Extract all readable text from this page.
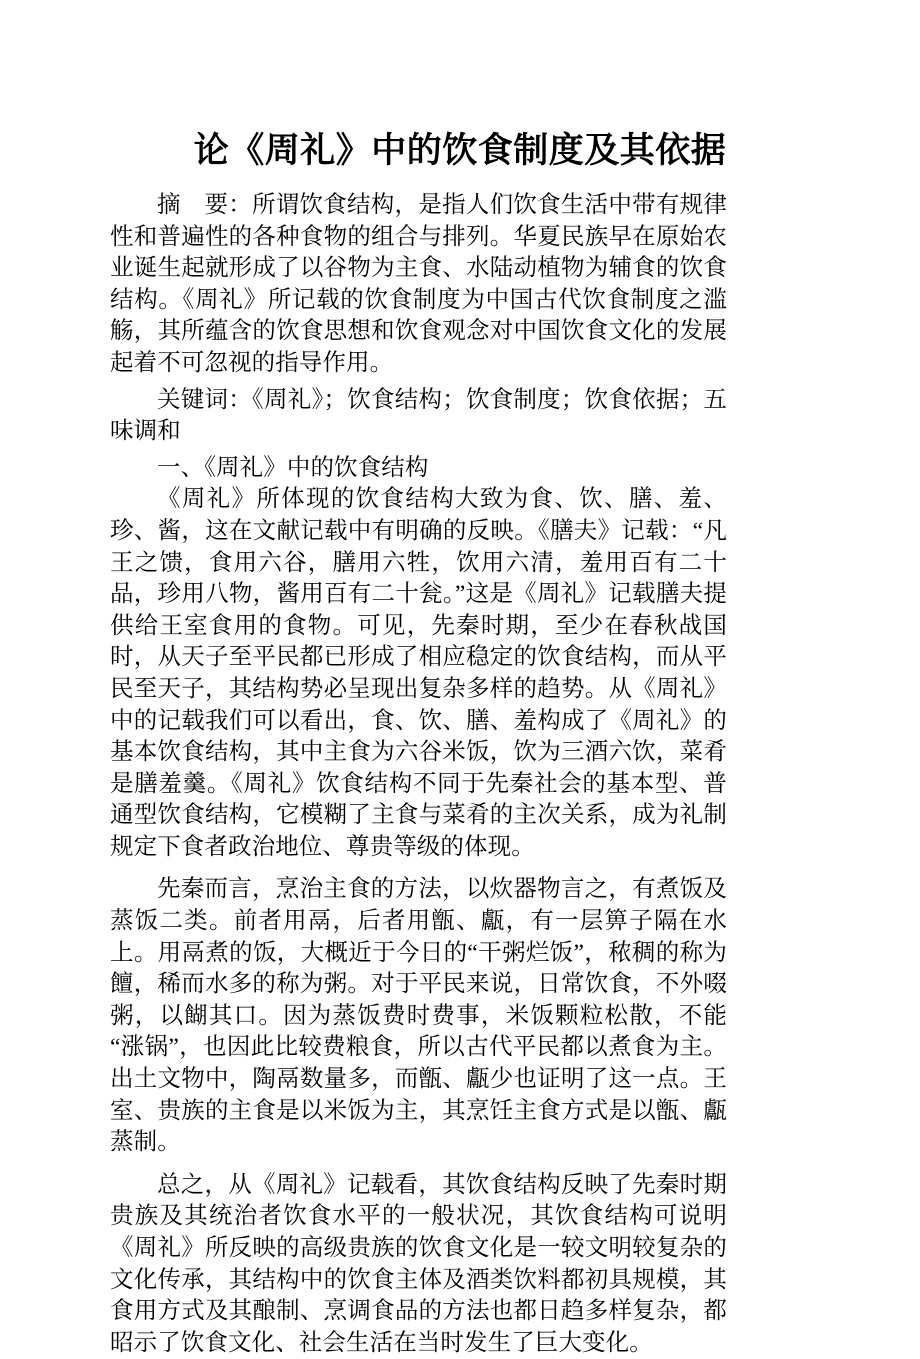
论《周礼》中的饮食制度及其依据

摘　要：所谓饮食结构，是指人们饮食生活中带有规律性和普遍性的各种食物的组合与排列。华夏民族早在原始农业诞生起就形成了以谷物为主食、水陆动植物为辅食的饮食结构。《周礼》所记载的饮食制度为中国古代饮食制度之滥觞，其所蕴含的饮食思想和饮食观念对中国饮食文化的发展起着不可忽视的指导作用。

关键词：《周礼》；饮食结构；饮食制度；饮食依据；五味调和

一、《周礼》中的饮食结构

《周礼》所体现的饮食结构大致为食、饮、膳、羞、珍、酱，这在文献记载中有明确的反映。《膳夫》记载：“凡王之馈，食用六谷，膳用六牲，饮用六清，羞用百有二十品，珍用八物，酱用百有二十瓮。”这是《周礼》记载膳夫提供给王室食用的食物。可见，先秦时期，至少在春秋战国时，从天子至平民都已形成了相应稳定的饮食结构，而从平民至天子，其结构势必呈现出复杂多样的趋势。从《周礼》中的记载我们可以看出，食、饮、膳、羞构成了《周礼》的基本饮食结构，其中主食为六谷米饭，饮为三酒六饮，菜肴是膳羞羹。《周礼》饮食结构不同于先秦社会的基本型、普通型饮食结构，它模糊了主食与菜肴的主次关系，成为礼制规定下食者政治地位、尊贵等级的体现。

先秦而言，烹治主食的方法，以炊器物言之，有煮饭及蒸饭二类。前者用鬲，后者用甑、甗，有一层箅子隔在水上。用鬲煮的饭，大概近于今日的“干粥烂饭”，秾稠的称为饘，稀而水多的称为粥。对于平民来说，日常饮食，不外啜粥，以餬其口。因为蒸饭费时费事，米饭颗粒松散，不能“涨锅”，也因此比较费粮食，所以古代平民都以煮食为主。出土文物中，陶鬲数量多，而甑、甗少也证明了这一点。王室、贵族的主食是以米饭为主，其烹饪主食方式是以甑、甗蒸制。

总之，从《周礼》记载看，其饮食结构反映了先秦时期贵族及其统治者饮食水平的一般状况，其饮食结构可说明《周礼》所反映的高级贵族的饮食文化是一较文明较复杂的文化传承，其结构中的饮食主体及酒类饮料都初具规模，其食用方式及其酿制、烹调食品的方法也都日趋多样复杂，都昭示了饮食文化、社会生活在当时发生了巨大变化。
